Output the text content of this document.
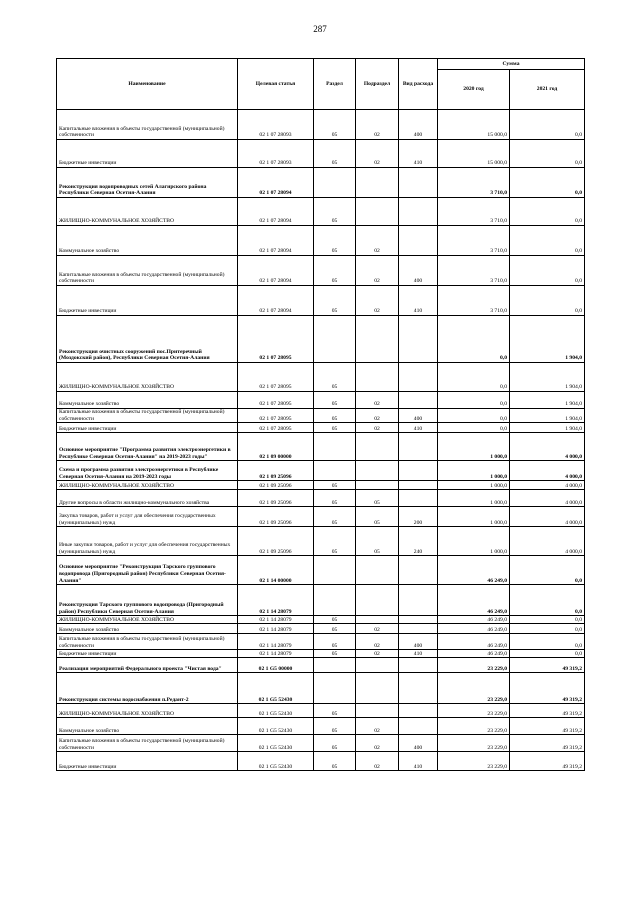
287
Наименование	Целевая статья	Раздел	Подраздел	Вид расхода	Сумма	
					2020 год	2021 год
Капитальные вложения в объекты государственной (муниципальной) собственности	02 1 07 28093	05	02	400	15 000,0	0,0
Бюджетные инвестиции	02 1 07 28093	05	02	410	15 000,0	0,0
Реконструкция водопроводных сетей Алагирского района Республики Северная Осетия-Алания	02 1 07 28094				3 710,0	0,0
ЖИЛИЩНО-КОММУНАЛЬНОЕ ХОЗЯЙСТВО	02 1 07 28094	05			3 710,0	0,0
Коммунальное хозяйство	02 1 07 28094	05	02		3 710,0	0,0
Капитальные вложения в объекты государственной (муниципальной) собственности	02 1 07 28094	05	02	400	3 710,0	0,0
Бюджетные инвестиции	02 1 07 28094	05	02	410	3 710,0	0,0
Реконструкция очистных сооружений пос.Притеречный (Моздокский район), Республики Северная Осетия-Алания	02 1 07 28095				0,0	1 904,0
ЖИЛИЩНО-КОММУНАЛЬНОЕ ХОЗЯЙСТВО	02 1 07 28095	05			0,0	1 904,0
Коммунальное хозяйство	02 1 07 28095	05	02		0,0	1 904,0
Капитальные вложения в объекты государственной (муниципальной) собственности	02 1 07 28095	05	02	400	0,0	1 904,0
Бюджетные инвестиции	02 1 07 28095	05	02	410	0,0	1 904,0
Основное мероприятие "Программа развития электроэнергетики в Республике Северная Осетия-Алания" на 2019-2023 годы"	02 1 09 00000				1 000,0	4 000,0
Схема и программа развития электроэнергетики в Республике Северная Осетия-Алания на 2019-2023 годы	02 1 09 25096				1 000,0	4 000,0
ЖИЛИЩНО-КОММУНАЛЬНОЕ ХОЗЯЙСТВО	02 1 09 25096	05			1 000,0	4 000,0
Другие вопросы в области жилищно-коммунального хозяйства	02 1 09 25096	05	05		1 000,0	4 000,0
Закупка товаров, работ и услуг для обеспечения государственных (муниципальных) нужд	02 1 09 25096	05	05	200	1 000,0	4 000,0
Иные закупки товаров, работ и услуг для обеспечения государственных (муниципальных) нужд	02 1 09 25096	05	05	240	1 000,0	4 000,0
Основное мероприятие "Реконструкция Тарского группового водопровода (Пригородный район) Республики Северная Осетия-Алания"	02 1 14 00000				46 249,0	0,0
Реконструкция Тарского группового водопровода (Пригородный район) Республики Северная Осетия-Алания	02 1 14 28079				46 249,0	0,0
ЖИЛИЩНО-КОММУНАЛЬНОЕ ХОЗЯЙСТВО	02 1 14 28079	05			46 249,0	0,0
Коммунальное хозяйство	02 1 14 28079	05	02		46 249,0	0,0
Капитальные вложения в объекты государственной (муниципальной) собственности	02 1 14 28079	05	02	400	46 249,0	0,0
Бюджетные инвестиции	02 1 14 28079	05	02	410	46 249,0	0,0
Реализация мероприятий Федерального проекта "Чистая вода"	02 1 G5 00000				23 229,0	49 319,2
Реконструкция системы водоснабжения п.Редант-2	02 1 G5 52430				23 229,0	49 319,2
ЖИЛИЩНО-КОММУНАЛЬНОЕ ХОЗЯЙСТВО	02 1 G5 52430	05			23 229,0	49 319,2
Коммунальное хозяйство	02 1 G5 52430	05	02		23 229,0	49 319,2
Капитальные вложения в объекты государственной (муниципальной) собственности	02 1 G5 52430	05	02	400	23 229,0	49 319,2
Бюджетные инвестиции	02 1 G5 52430	05	02	410	23 229,0	49 319,2
